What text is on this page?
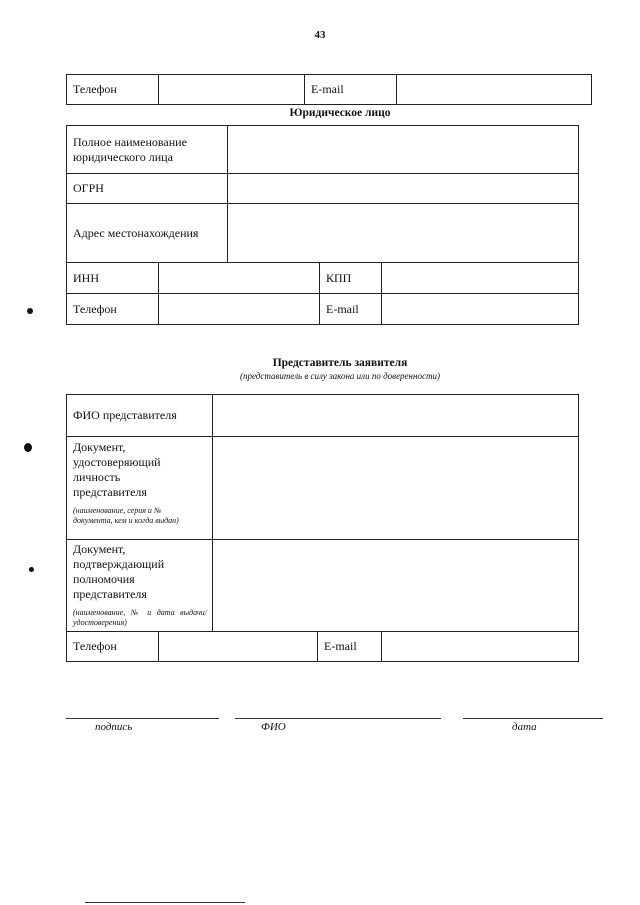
43
Телефон		E-mail	
Юридическое лицо
Полное наименование юридического лица				
ОГРН				
Адрес местонахождения				
ИНН			КПП	
Телефон			E-mail	
Представитель заявителя
(представитель в силу закона или по доверенности)
ФИО представителя				

Документ, удостоверяющий личность представителя
(наименование, серия и № документа, кем и когда выдан)				

Документ, подтверждающий полномочия представителя
(наименование, № и дата выдачи/удостоверения)				

Телефон			E-mail	
подпись	ФИО	дата
